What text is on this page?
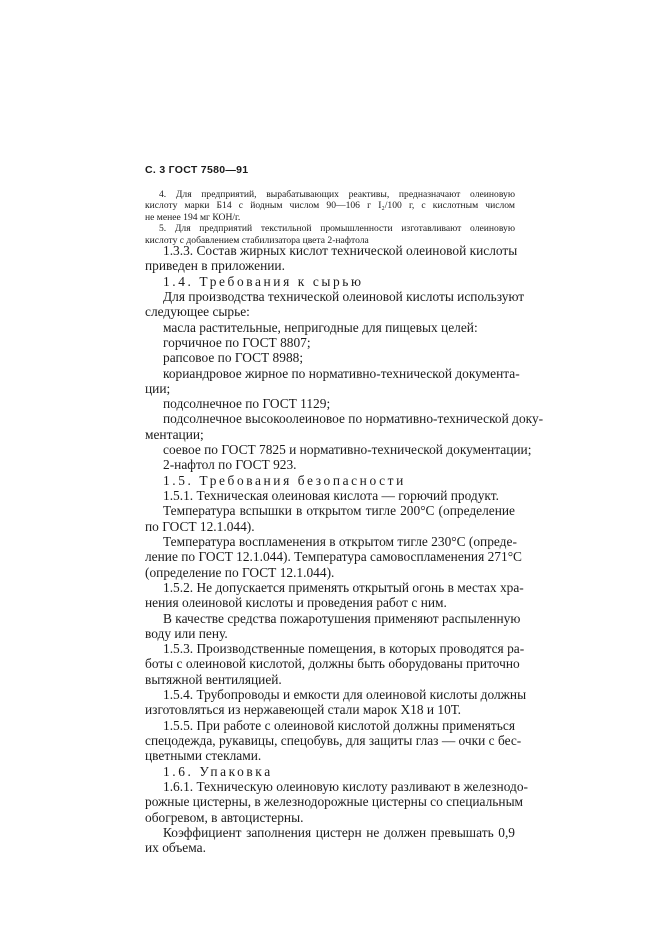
С. 3 ГОСТ 7580—91
4. Для предприятий, вырабатывающих реактивы, предназначают олеиновую
кислоту марки Б14 с йодным числом 90—106 г I₂/100 г, с кислотным числом
не менее 194 мг КОН/г.
5. Для предприятий текстильной промышленности изготавливают олеиновую
кислоту с добавлением стабилизатора цвета 2-нафтола
1.3.3. Состав жирных кислот технической олеиновой кислоты
приведен в приложении.
1.4. Требования к сырью
Для производства технической олеиновой кислоты используют
следующее сырье:
масла растительные, непригодные для пищевых целей:
горчичное по ГОСТ 8807;
рапсовое по ГОСТ 8988;
кориандровое жирное по нормативно-технической документа-
ции;
подсолнечное по ГОСТ 1129;
подсолнечное высокоолеиновое по нормативно-технической доку-
ментации;
соевое по ГОСТ 7825 и нормативно-технической документации;
2-нафтол по ГОСТ 923.
1.5. Требования безопасности
1.5.1. Техническая олеиновая кислота — горючий продукт.
Температура вспышки в открытом тигле 200°С (определение
по ГОСТ 12.1.044).
Температура воспламенения в открытом тигле 230°С (опреде-
ление по ГОСТ 12.1.044). Температура самовоспламенения 271°С
(определение по ГОСТ 12.1.044).
1.5.2. Не допускается применять открытый огонь в местах хра-
нения олеиновой кислоты и проведения работ с ним.
В качестве средства пожаротушения применяют распыленную
воду или пену.
1.5.3. Производственные помещения, в которых проводятся ра-
боты с олеиновой кислотой, должны быть оборудованы приточно
вытяжной вентиляцией.
1.5.4. Трубопроводы и емкости для олеиновой кислоты должны
изготовляться из нержавеющей стали марок Х18 и 10Т.
1.5.5. При работе с олеиновой кислотой должны применяться
спецодежда, рукавицы, спецобувь, для защиты глаз — очки с бес-
цветными стеклами.
1.6. Упаковка
1.6.1. Техническую олеиновую кислоту разливают в железнодо-
рожные цистерны, в железнодорожные цистерны со специальным
обогревом, в автоцистерны.
Коэффициент заполнения цистерн не должен превышать 0,9
их объема.
